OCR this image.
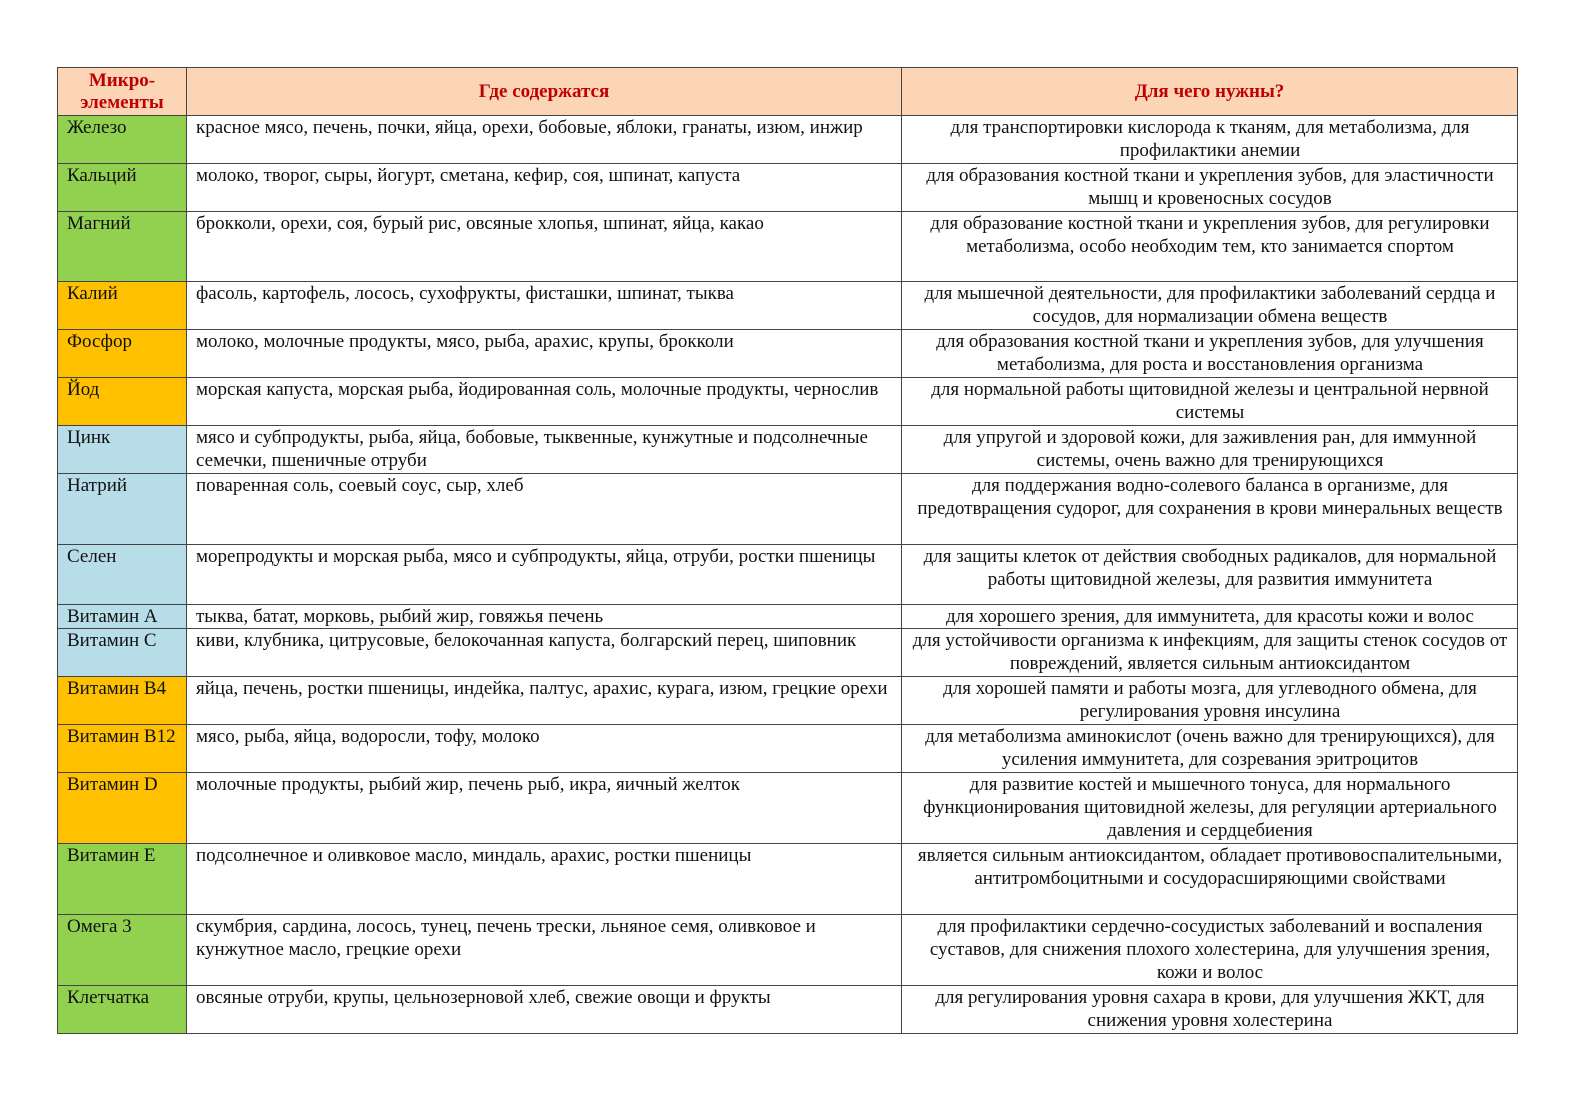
Микро-элементы	Где содержатся	Для чего нужны?
Железо	красное мясо, печень, почки, яйца, орехи, бобовые, яблоки, гранаты, изюм, инжир	для транспортировки кислорода к тканям, для метаболизма, для профилактики анемии
Кальций	молоко, творог, сыры, йогурт, сметана, кефир, соя, шпинат, капуста	для образования костной ткани и укрепления зубов, для эластичности мышц и кровеносных сосудов
Магний	брокколи, орехи, соя, бурый рис, овсяные хлопья, шпинат, яйца, какао	для образование костной ткани и укрепления зубов, для регулировки метаболизма, особо необходим тем, кто занимается спортом
Калий	фасоль, картофель, лосось, сухофрукты, фисташки, шпинат, тыква	для мышечной деятельности, для профилактики заболеваний сердца и сосудов, для нормализации обмена веществ
Фосфор	молоко, молочные продукты, мясо, рыба, арахис, крупы, брокколи	для образования костной ткани и укрепления зубов, для улучшения метаболизма, для роста и восстановления организма
Йод	морская капуста, морская рыба, йодированная соль, молочные продукты, чернослив	для нормальной работы щитовидной железы и центральной нервной системы
Цинк	мясо и субпродукты, рыба, яйца, бобовые, тыквенные, кунжутные и подсолнечные семечки, пшеничные отруби	для упругой и здоровой кожи, для заживления ран, для иммунной системы, очень важно для тренирующихся
Натрий	поваренная соль, соевый соус, сыр, хлеб	для поддержания водно-солевого баланса в организме, для предотвращения судорог, для сохранения в крови минеральных веществ
Селен	морепродукты и морская рыба, мясо и субпродукты, яйца, отруби, ростки пшеницы	для защиты клеток от действия свободных радикалов, для нормальной работы щитовидной железы, для развития иммунитета
Витамин А	тыква, батат, морковь, рыбий жир, говяжья печень	для хорошего зрения, для иммунитета, для красоты кожи и волос
Витамин С	киви, клубника, цитрусовые, белокочанная капуста, болгарский перец, шиповник	для устойчивости организма к инфекциям, для защиты стенок сосудов от повреждений, является сильным антиоксидантом
Витамин В4	яйца, печень, ростки пшеницы, индейка, палтус, арахис, курага, изюм, грецкие орехи	для хорошей памяти и работы мозга, для углеводного обмена, для регулирования уровня инсулина
Витамин В12	мясо, рыба, яйца, водоросли, тофу, молоко	для метаболизма аминокислот (очень важно для тренирующихся), для усиления иммунитета, для созревания эритроцитов
Витамин D	молочные продукты, рыбий жир, печень рыб, икра, яичный желток	для развитие костей и мышечного тонуса, для нормального функционирования щитовидной железы, для регуляции артериального давления и сердцебиения
Витамин Е	подсолнечное и оливковое масло, миндаль, арахис, ростки пшеницы	является сильным антиоксидантом, обладает противовоспалительными, антитромбоцитными и сосудорасширяющими свойствами
Омега 3	скумбрия, сардина, лосось, тунец, печень трески, льняное семя, оливковое и кунжутное масло, грецкие орехи	для профилактики сердечно-сосудистых заболеваний и воспаления суставов, для снижения плохого холестерина, для улучшения зрения, кожи и волос
Клетчатка	овсяные отруби, крупы, цельнозерновой хлеб, свежие овощи и фрукты	для регулирования уровня сахара в крови, для улучшения ЖКТ, для снижения уровня холестерина
